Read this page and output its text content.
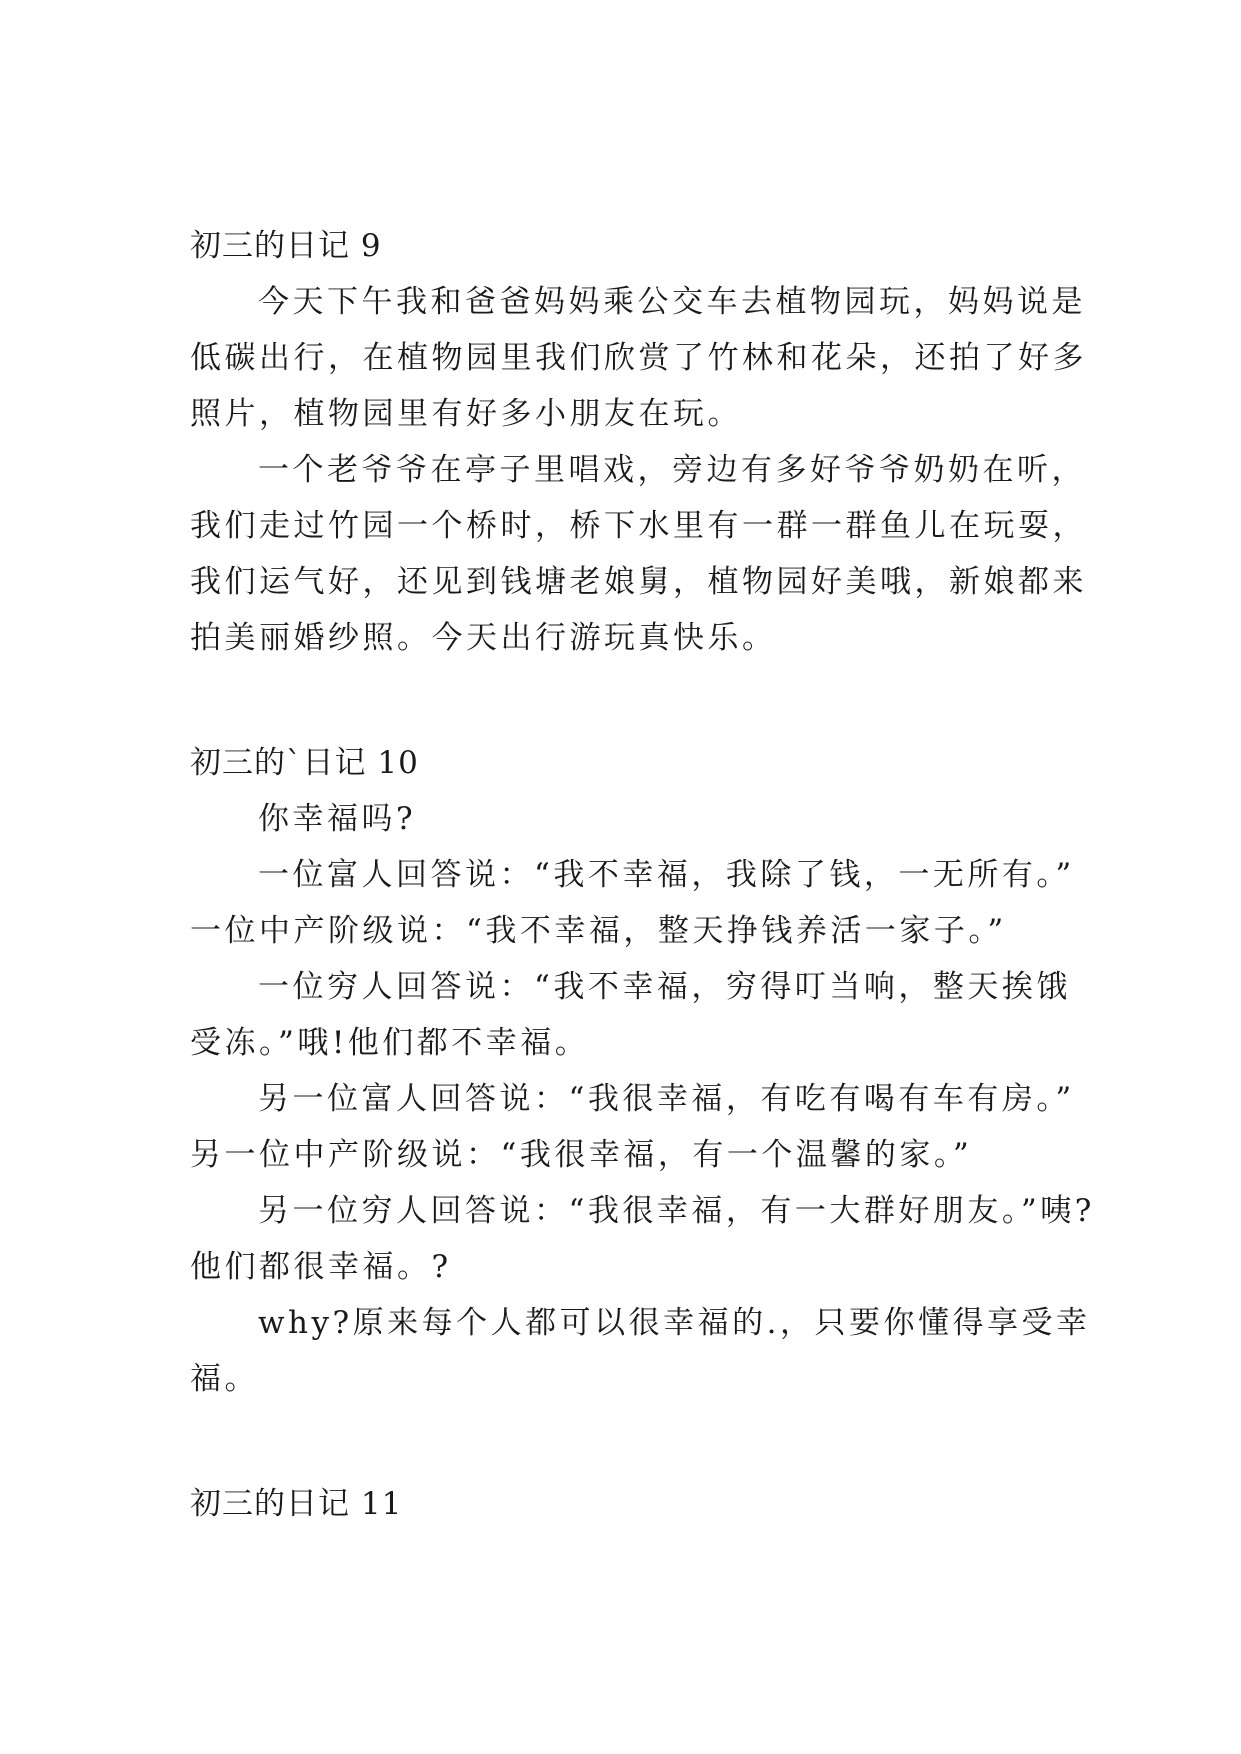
初三的日记 9
今天下午我和爸爸妈妈乘公交车去植物园玩，妈妈说是
低碳出行，在植物园里我们欣赏了竹林和花朵，还拍了好多
照片，植物园里有好多小朋友在玩。
一个老爷爷在亭子里唱戏，旁边有多好爷爷奶奶在听，
我们走过竹园一个桥时，桥下水里有一群一群鱼儿在玩耍，
我们运气好，还见到钱塘老娘舅，植物园好美哦，新娘都来
拍美丽婚纱照。今天出行游玩真快乐。
初三的`日记 10
你幸福吗?
一位富人回答说：“我不幸福，我除了钱，一无所有。”
一位中产阶级说：“我不幸福，整天挣钱养活一家子。”
一位穷人回答说：“我不幸福，穷得叮当响，整天挨饿
受冻。”哦!他们都不幸福。
另一位富人回答说：“我很幸福，有吃有喝有车有房。”
另一位中产阶级说：“我很幸福，有一个温馨的家。”
另一位穷人回答说：“我很幸福，有一大群好朋友。”咦?
他们都很幸福。?
why?原来每个人都可以很幸福的.，只要你懂得享受幸
福。
初三的日记 11
